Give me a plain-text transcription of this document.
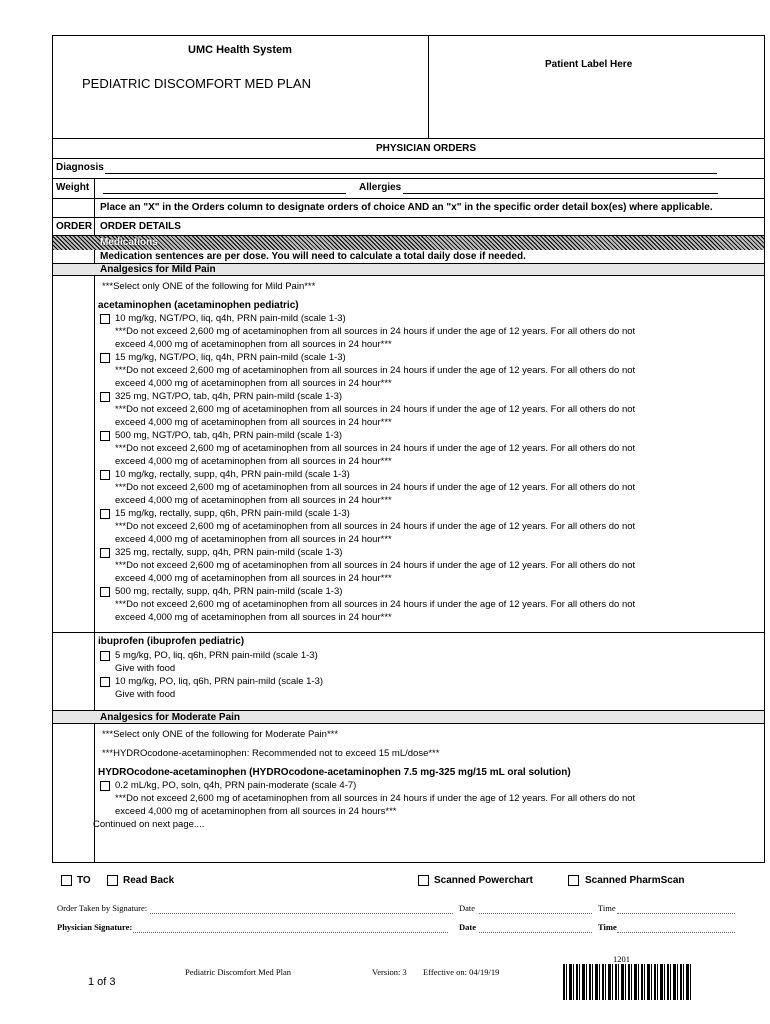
UMC Health System
PEDIATRIC DISCOMFORT MED PLAN
Patient Label Here
PHYSICIAN ORDERS
Diagnosis
Weight	Allergies
Place an "X" in the Orders column to designate orders of choice AND an "x" in the specific order detail box(es) where applicable.
ORDER ORDER DETAILS
Medications
Medication sentences are per dose. You will need to calculate a total daily dose if needed.
Analgesics for Mild Pain
***Select only ONE of the following for Mild Pain***
acetaminophen (acetaminophen pediatric)
10 mg/kg, NGT/PO, liq, q4h, PRN pain-mild (scale 1-3)
***Do not exceed 2,600 mg of acetaminophen from all sources in 24 hours if under the age of 12 years. For all others do not
exceed 4,000 mg of acetaminophen from all sources in 24 hour***
15 mg/kg, NGT/PO, liq, q4h, PRN pain-mild (scale 1-3)
***Do not exceed 2,600 mg of acetaminophen from all sources in 24 hours if under the age of 12 years. For all others do not
exceed 4,000 mg of acetaminophen from all sources in 24 hour***
325 mg, NGT/PO, tab, q4h, PRN pain-mild (scale 1-3)
***Do not exceed 2,600 mg of acetaminophen from all sources in 24 hours if under the age of 12 years. For all others do not
exceed 4,000 mg of acetaminophen from all sources in 24 hour***
500 mg, NGT/PO, tab, q4h, PRN pain-mild (scale 1-3)
***Do not exceed 2,600 mg of acetaminophen from all sources in 24 hours if under the age of 12 years. For all others do not
exceed 4,000 mg of acetaminophen from all sources in 24 hour***
10 mg/kg, rectally, supp, q4h, PRN pain-mild (scale 1-3)
***Do not exceed 2,600 mg of acetaminophen from all sources in 24 hours if under the age of 12 years. For all others do not
exceed 4,000 mg of acetaminophen from all sources in 24 hour***
15 mg/kg, rectally, supp, q6h, PRN pain-mild (scale 1-3)
***Do not exceed 2,600 mg of acetaminophen from all sources in 24 hours if under the age of 12 years. For all others do not
exceed 4,000 mg of acetaminophen from all sources in 24 hour***
325 mg, rectally, supp, q4h, PRN pain-mild (scale 1-3)
***Do not exceed 2,600 mg of acetaminophen from all sources in 24 hours if under the age of 12 years. For all others do not
exceed 4,000 mg of acetaminophen from all sources in 24 hour***
500 mg, rectally, supp, q4h, PRN pain-mild (scale 1-3)
***Do not exceed 2,600 mg of acetaminophen from all sources in 24 hours if under the age of 12 years. For all others do not
exceed 4,000 mg of acetaminophen from all sources in 24 hour***
ibuprofen (ibuprofen pediatric)
5 mg/kg, PO, liq, q6h, PRN pain-mild (scale 1-3)
Give with food
10 mg/kg, PO, liq, q6h, PRN pain-mild (scale 1-3)
Give with food
Analgesics for Moderate Pain
***Select only ONE of the following for Moderate Pain***
***HYDROcodone-acetaminophen: Recommended not to exceed 15 mL/dose***
HYDROcodone-acetaminophen (HYDROcodone-acetaminophen 7.5 mg-325 mg/15 mL oral solution)
0.2 mL/kg, PO, soln, q4h, PRN pain-moderate (scale 4-7)
***Do not exceed 2,600 mg of acetaminophen from all sources in 24 hours if under the age of 12 years. For all others do not
exceed 4,000 mg of acetaminophen from all sources in 24 hours***
Continued on next page....
TO	Read Back	Scanned Powerchart	Scanned PharmScan
Order Taken by Signature:	Date	Time
Physician Signature:	Date	Time
Pediatric Discomfort Med Plan	Version: 3 Effective on: 04/19/19
1 of 3
1201
